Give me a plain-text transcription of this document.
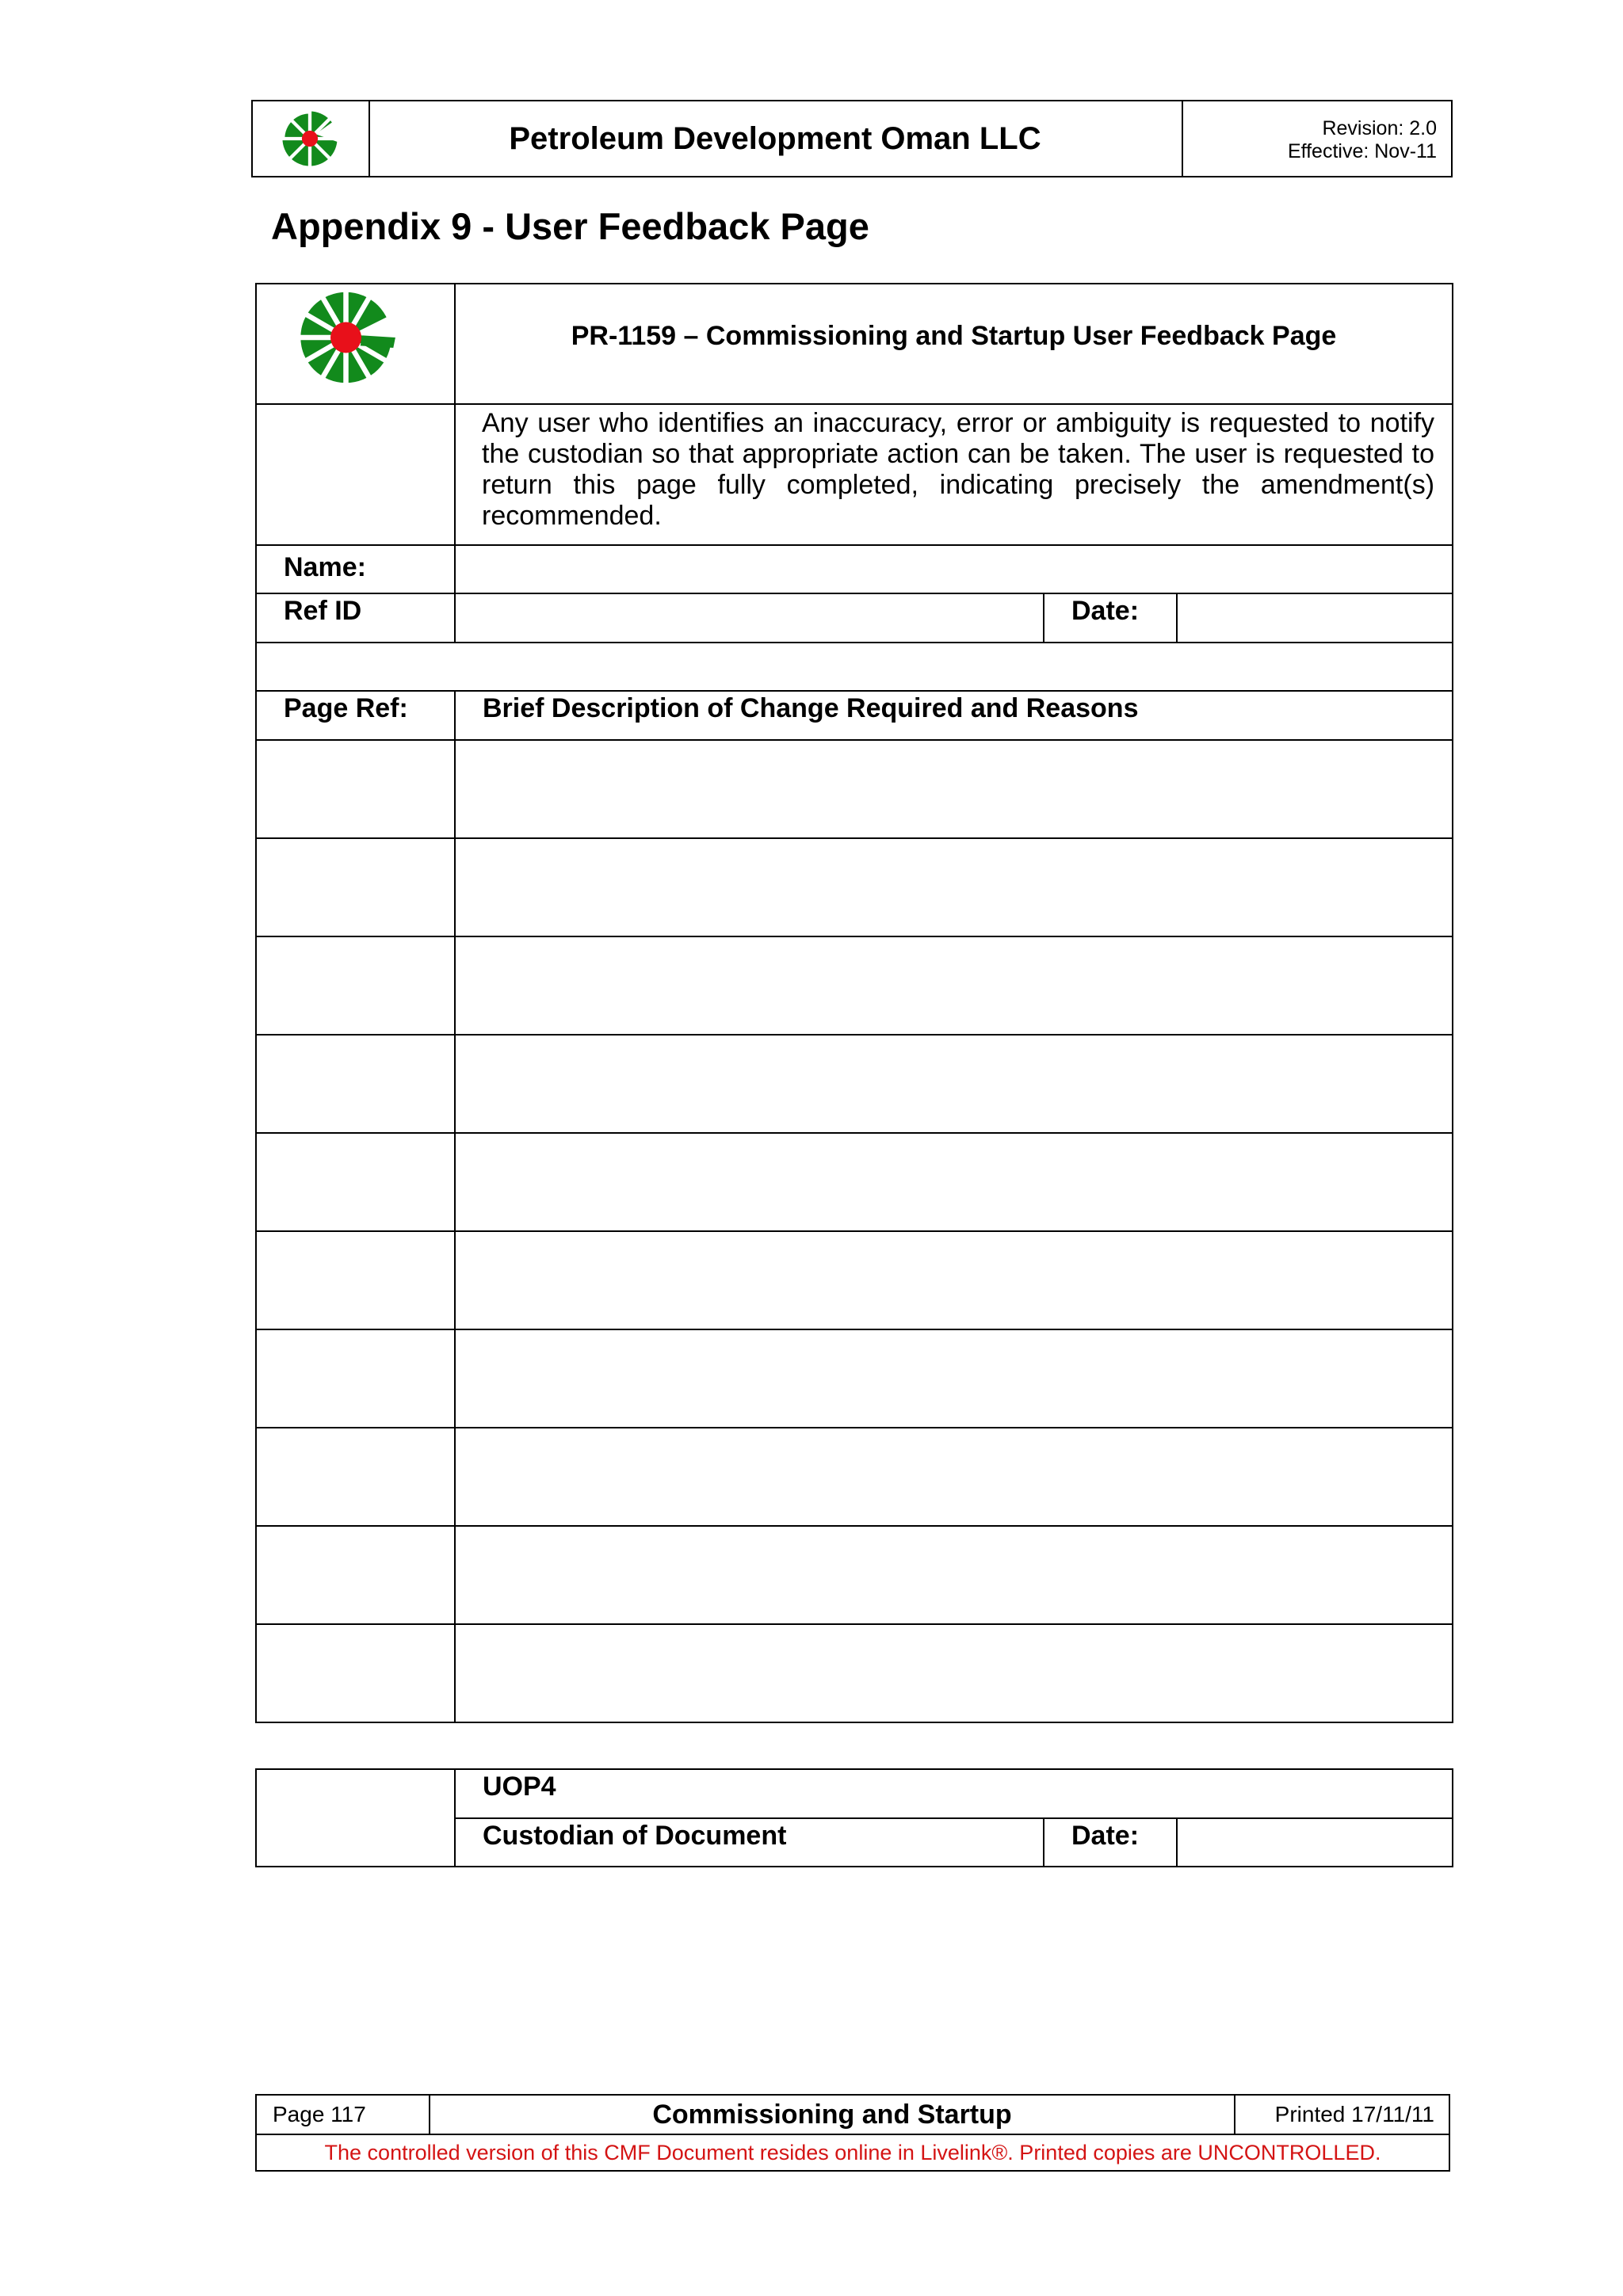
Petroleum Development Oman LLC	Revision: 2.0
Effective: Nov-11
Appendix 9 - User Feedback Page
	PR-1159 – Commissioning and Startup User Feedback Page		
	Any user who identifies an inaccuracy, error or ambiguity is requested to notify the custodian so that appropriate action can be taken. The user is requested to return this page fully completed, indicating precisely the amendment(s) recommended.		
Name:			
Ref ID		Date:	

Page Ref:	Brief Description of Change Required and Reasons		

	UOP4		
	Custodian of Document	Date:	
Page 117	Commissioning and Startup	Printed 17/11/11
The controlled version of this CMF Document resides online in Livelink®. Printed copies are UNCONTROLLED.
